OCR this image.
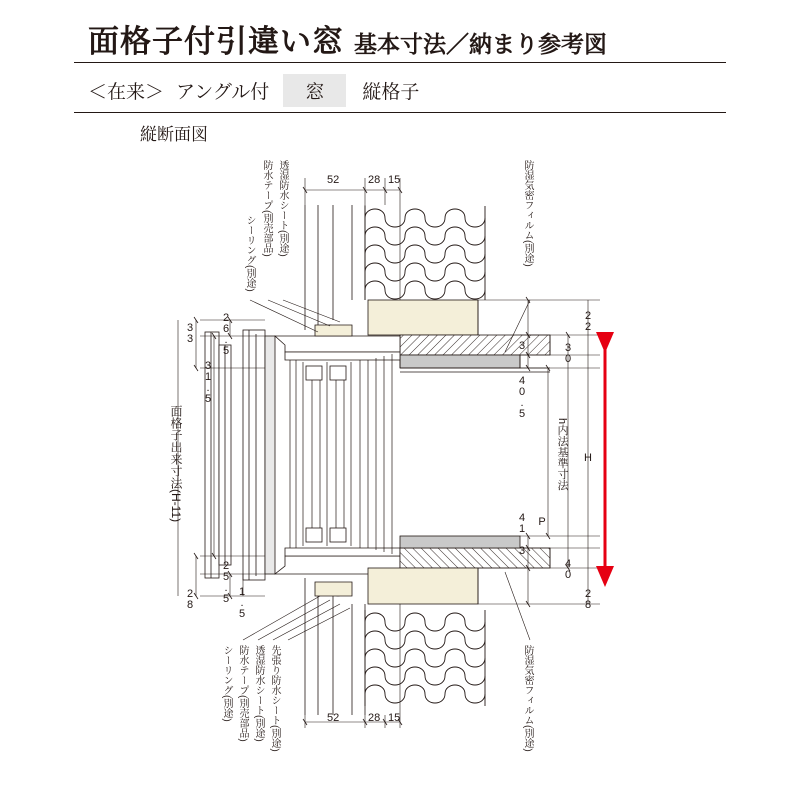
面格子付引違い窓 基本寸法／納まり参考図
＜在来＞ アングル付	窓	縦格子
縦断面図
シーリング(別途) 防水テープ(別売部品) 透湿防水シート(別途)	防湿気密フィルム(別途)
シーリング(別途) 防水テープ(別売部品) 透湿防水シート(別途) 先張り防水シート(別途)	防湿気密フィルム(別途)
52	28 15
52	28 15
33
31.5
28
26.5
25.5 1.5
面格子出来寸法(H-11)
22
3
40.5
41
3
28
30
40
P
H
h内法基準寸法
